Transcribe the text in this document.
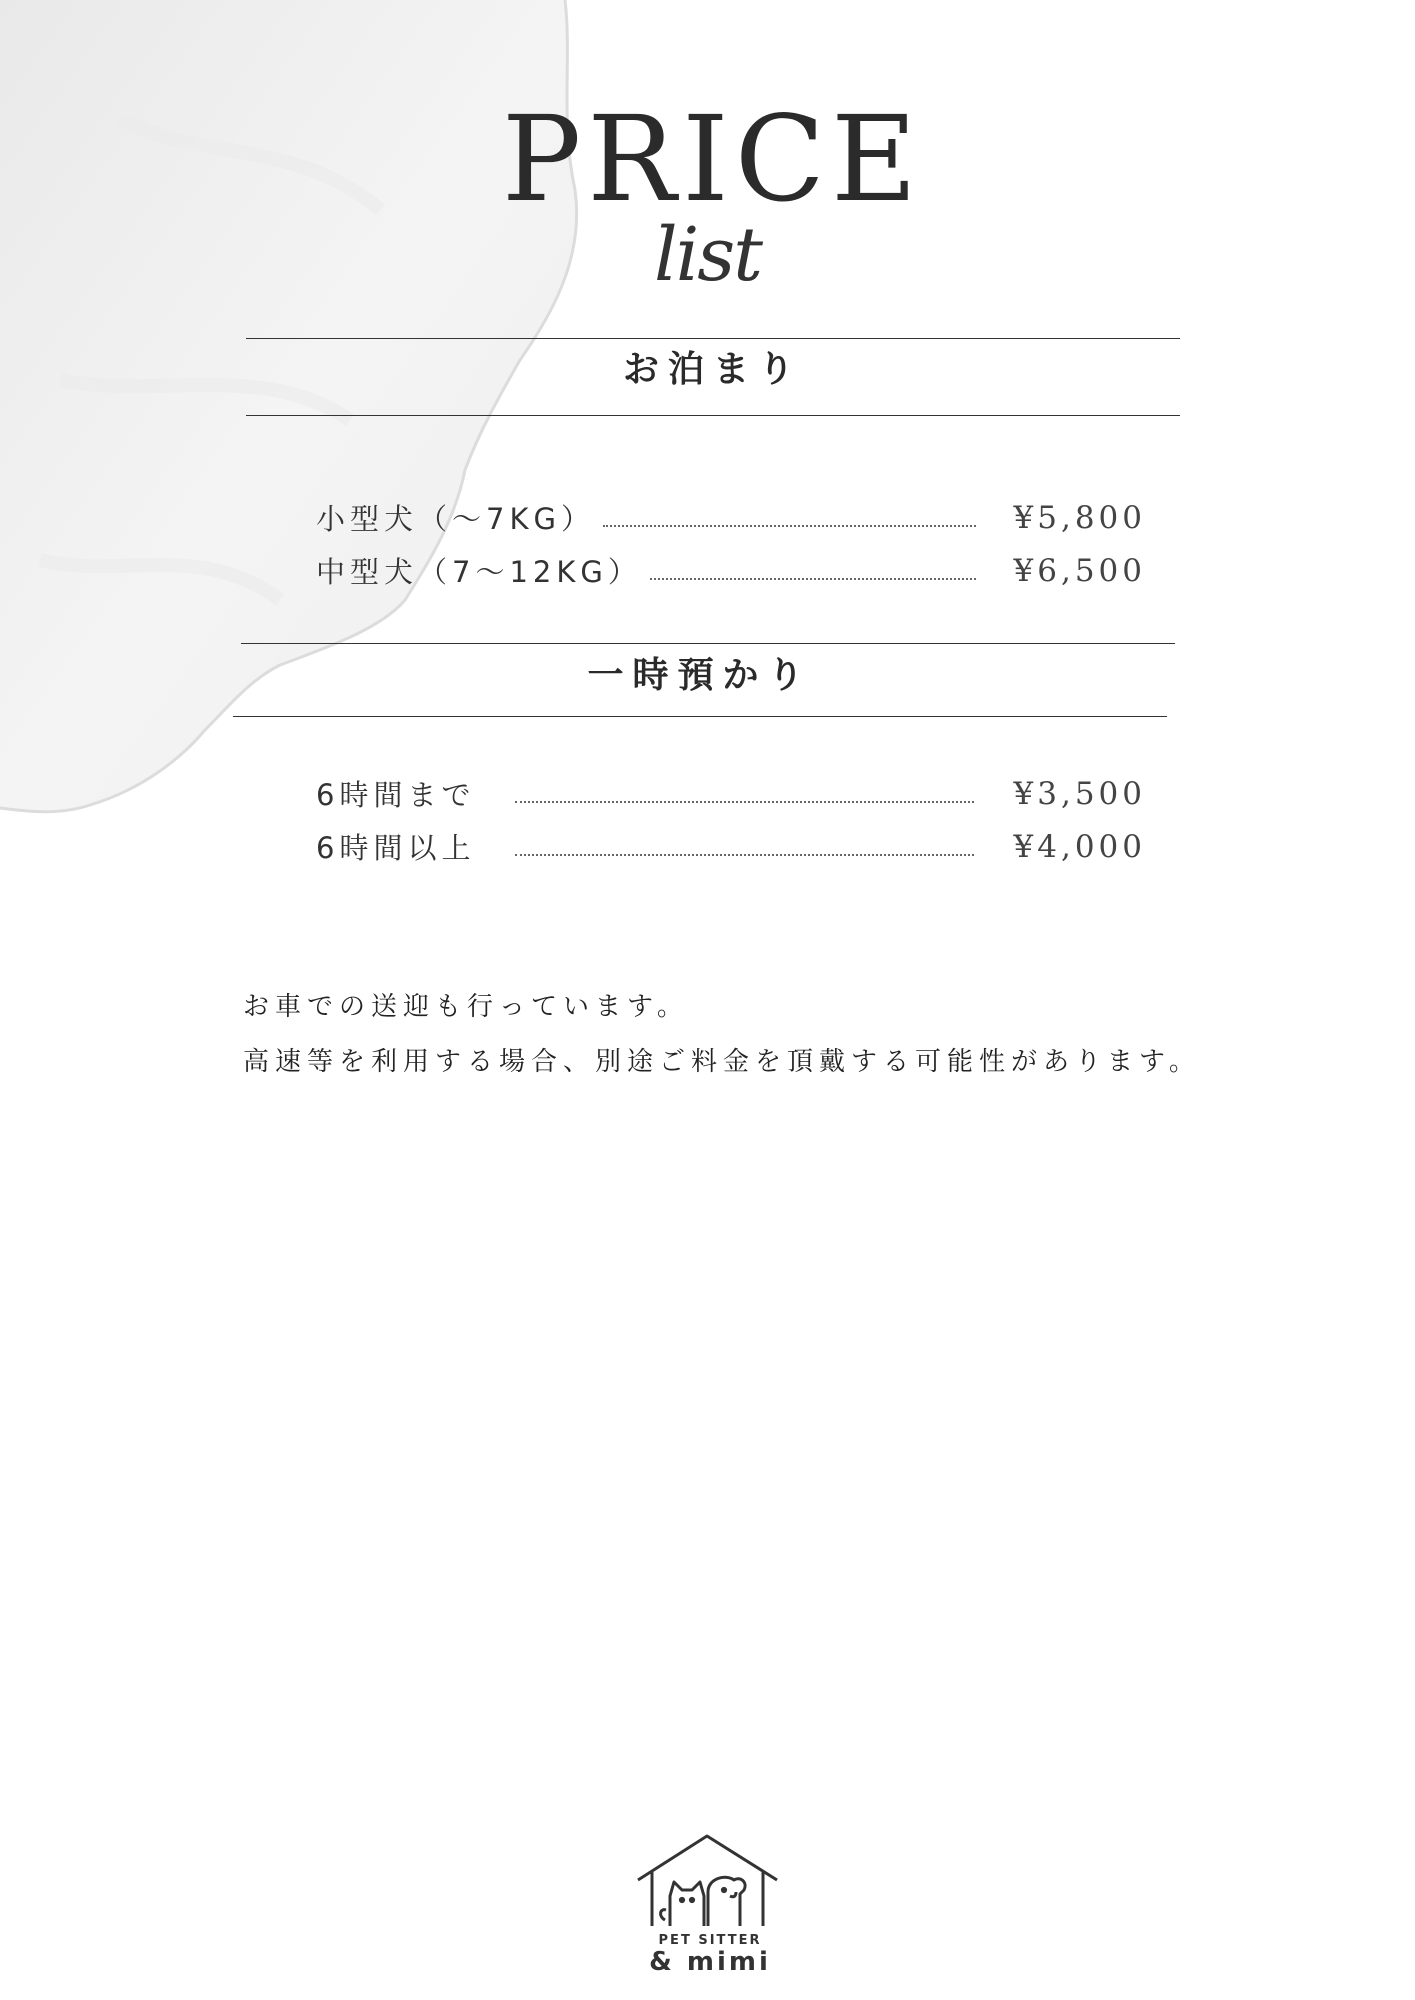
PRICE
list
お泊まり
小型犬（〜7KG）	¥5,800
中型犬（7〜12KG）	¥6,500
一時預かり
6時間まで	¥3,500
6時間以上	¥4,000
お車での送迎も行っています。
高速等を利用する場合、別途ご料金を頂戴する可能性があります。
PET SITTER
& mimi
